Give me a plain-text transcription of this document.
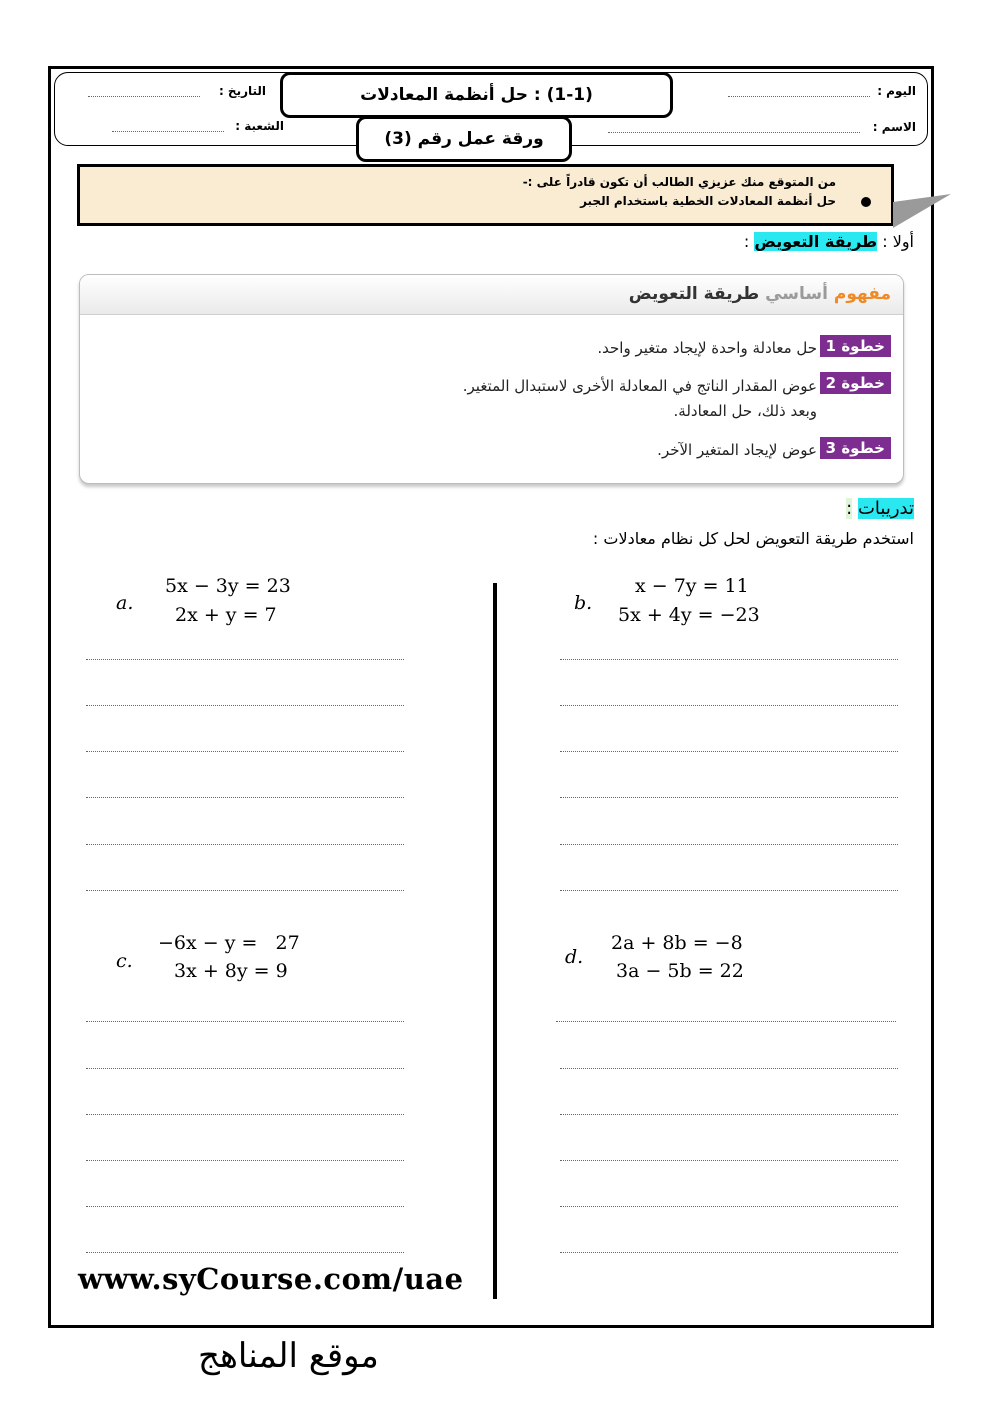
التاريخ :
الشعبة :
اليوم :
الاسم :
(1-1) : حل أنظمة المعادلات
ورقة عمل رقم (3)
من المتوقع منك عزيزي الطالب أن تكون قادراً على :-
حل أنظمة المعادلات الخطية باستخدام الجبر
أولا : طريقة التعويض :
مفهوم أساسي طريقة التعويض
خطوة 1
حل معادلة واحدة لإيجاد متغير واحد.
خطوة 2
عوض المقدار الناتج في المعادلة الأخرى لاستبدال المتغير.
وبعد ذلك، حل المعادلة.
خطوة 3
عوض لإيجاد المتغير الآخر.
تدريبات :
استخدم طريقة التعويض لحل كل نظام معادلات :
a.
5x − 3y = 23
2x + y = 7
b.
x − 7y = 11
5x + 4y = −23
c.
−6x − y =   27
3x + 8y = 9
d.
2a + 8b = −8
3a − 5b = 22
www.syCourse.com/uae
موقع المناهج
